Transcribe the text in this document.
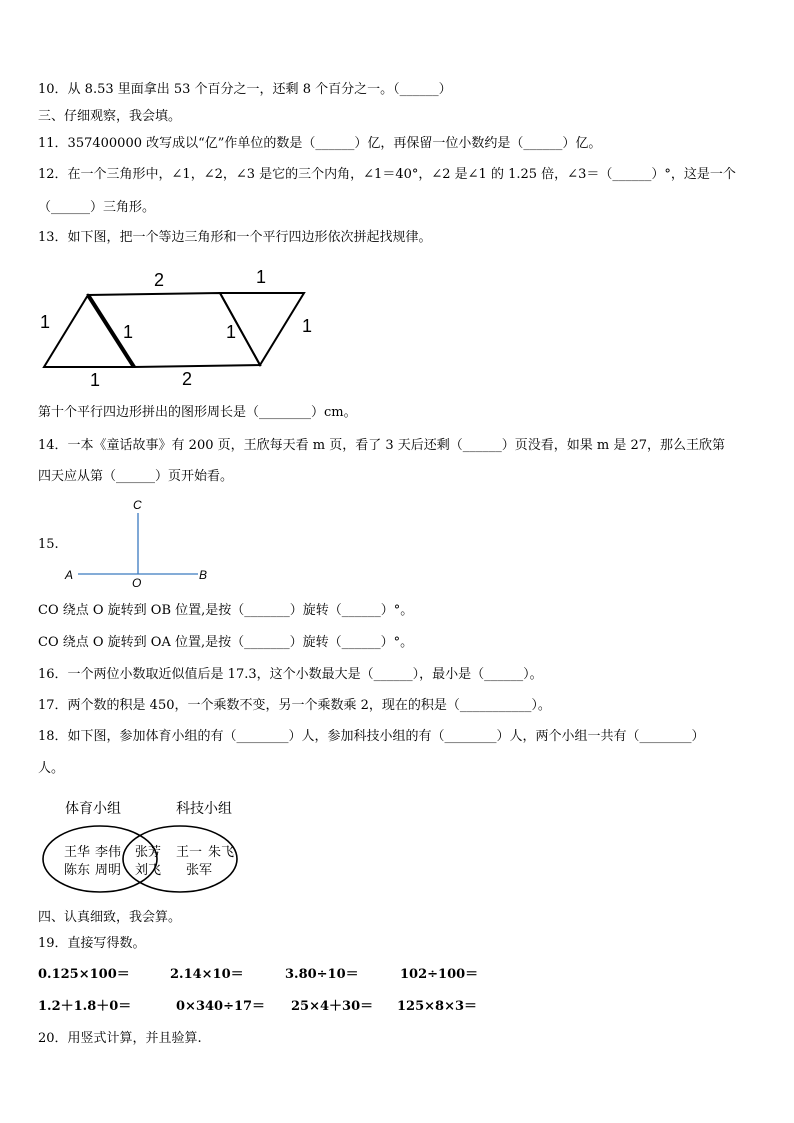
10．从 8.53 里面拿出 53 个百分之一，还剩 8 个百分之一。（______）
三、仔细观察，我会填。
11．357400000 改写成以“亿”作单位的数是（______）亿，再保留一位小数约是（______）亿。
12．在一个三角形中，∠1，∠2，∠3 是它的三个内角，∠1＝40°，∠2 是∠1 的 1.25 倍，∠3＝（______）°，这是一个
（______）三角形。
13．如下图，把一个等边三角形和一个平行四边形依次拼起找规律。
2	1
1	1	1	1
1	2
第十个平行四边形拼出的图形周长是（________）cm。
14．一本《童话故事》有 200 页，王欣每天看 m 页，看了 3 天后还剩（______）页没看，如果 m 是 27，那么王欣第
四天应从第（______）页开始看。
15.
C
O
A	B
CO 绕点 O 旋转到 OB 位置,是按（_______）旋转（______）°。
CO 绕点 O 旋转到 OA 位置,是按（_______）旋转（______）°。
16．一个两位小数取近似值后是 17.3，这个小数最大是（______），最小是（______）。
17．两个数的积是 450，一个乘数不变，另一个乘数乘 2，现在的积是（___________）。
18．如下图，参加体育小组的有（________）人，参加科技小组的有（________）人，两个小组一共有（________）
人。
体育小组	科技小组
王华 李伟
陈东 周明
张芳
刘飞
王一 朱飞
张军
四、认真细致，我会算。
19．直接写得数。
0.125×100＝	2.14×10＝	3.80÷10＝	102÷100＝
1.2＋1.8＋0＝	0×340÷17＝ 25×4＋30＝ 125×8×3＝
20．用竖式计算，并且验算.
